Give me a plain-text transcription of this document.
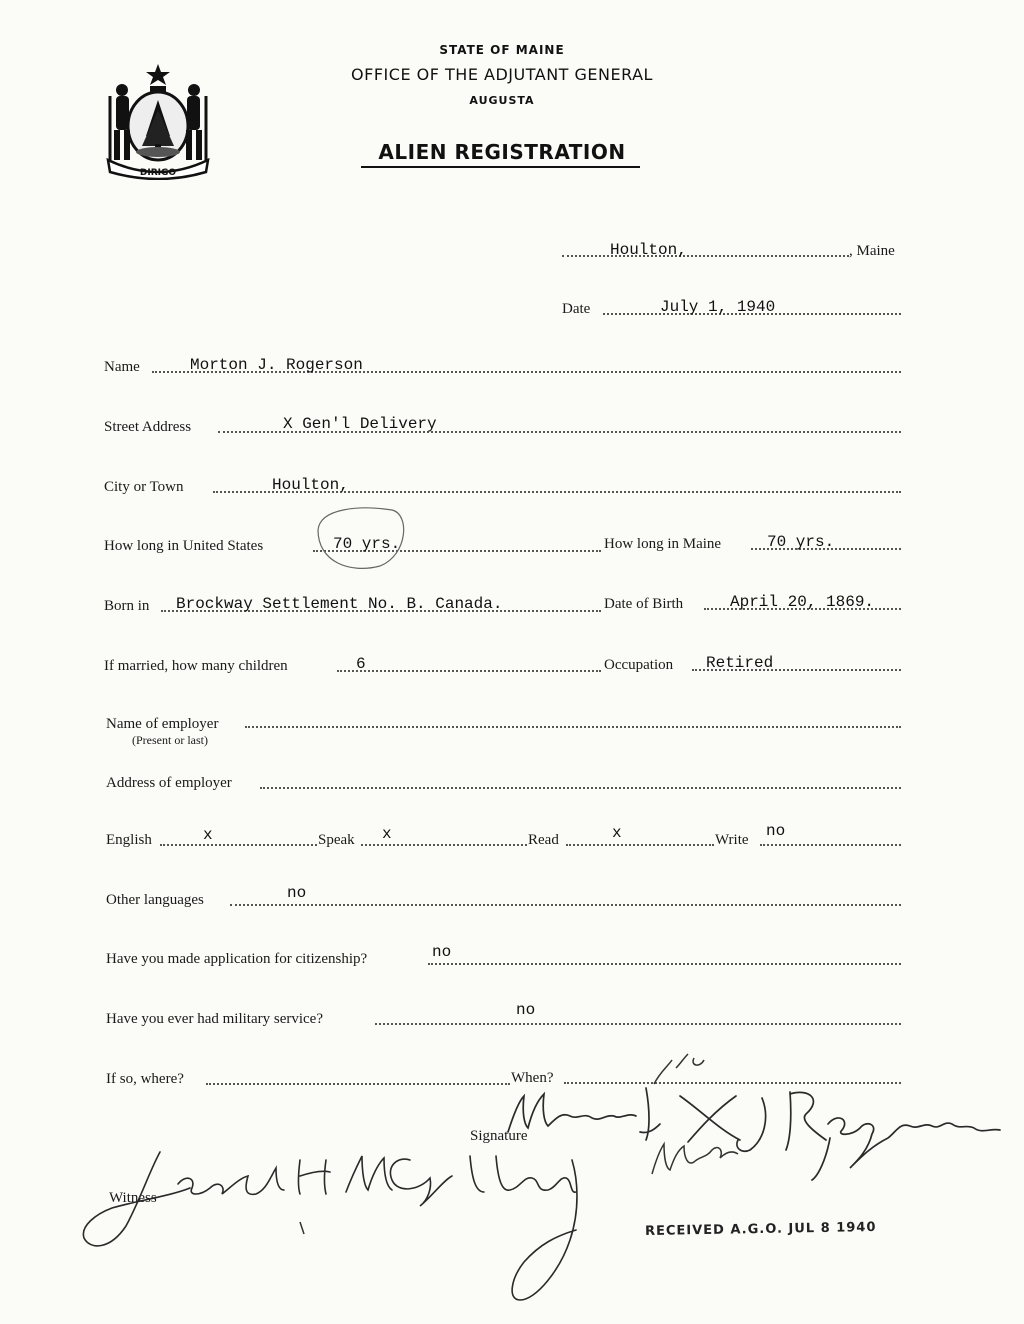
STATE OF MAINE
OFFICE OF THE ADJUTANT GENERAL
AUGUSTA
ALIEN REGISTRATION
DIRIGO
Houlton,	, Maine
Date	July 1, 1940
Name	Morton J. Rogerson
Street Address	X Gen'l Delivery
City or Town	Houlton,
How long in United States	70 yrs.	How long in Maine	70 yrs.
Born in Brockway Settlement No. B. Canada.	Date of Birth	April 20, 1869.
If married, how many children	6	Occupation Retired
Name of employer
(Present or last)
Address of employer
English	x	Speak x	Read	x	Write no
Other languages	no
Have you made application for citizenship?	no
Have you ever had military service?	no
If so, where?	When?
Signature
Witness
RECEIVED A.G.O. JUL 8 1940
